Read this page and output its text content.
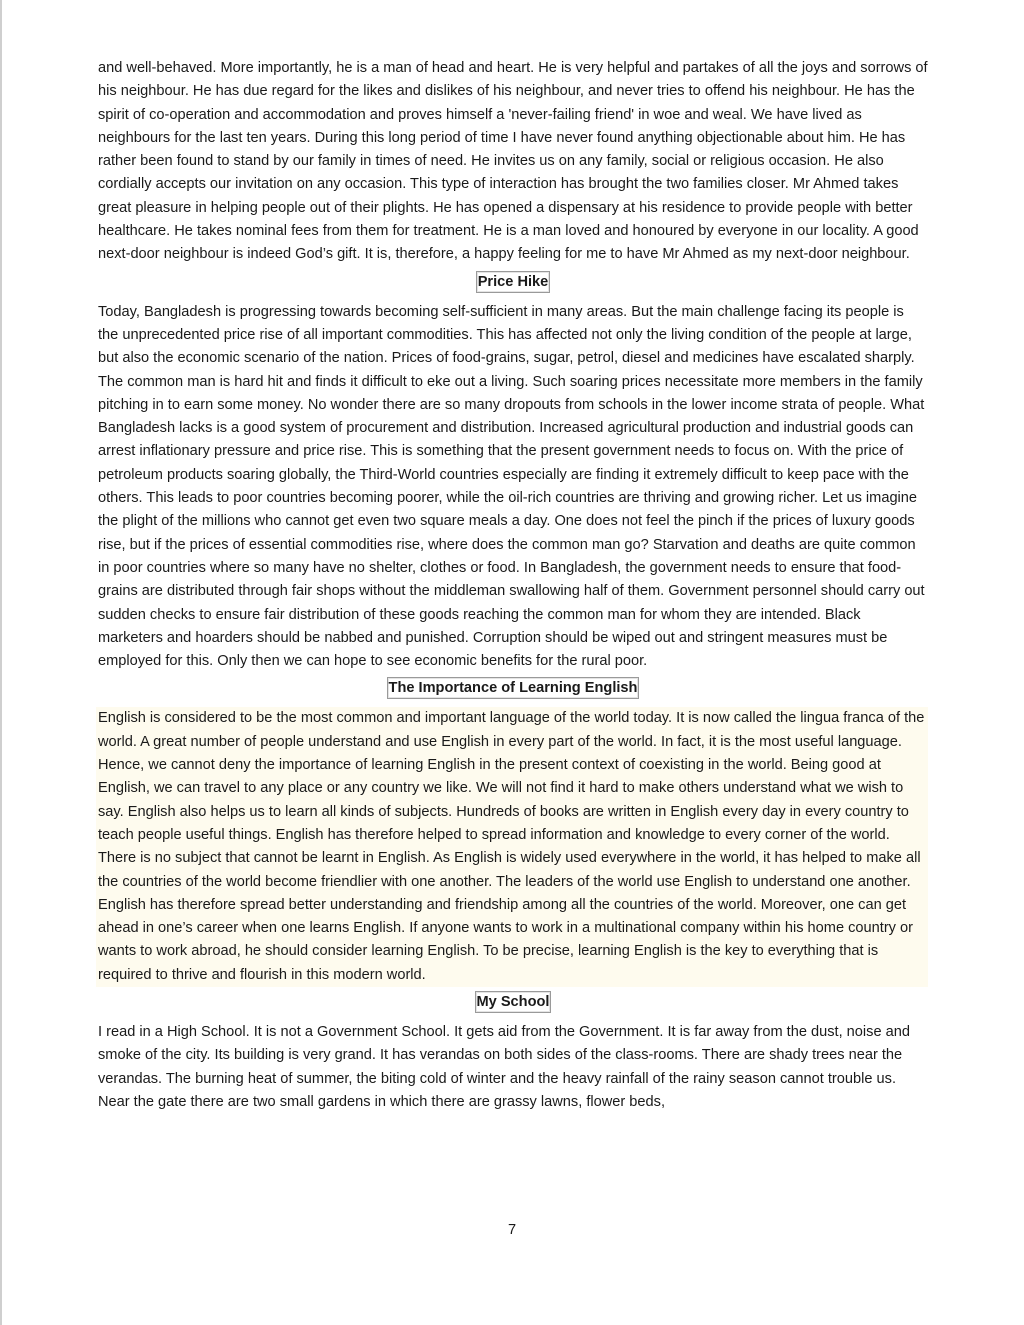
and well-behaved. More importantly, he is a man of head and heart. He is very helpful and partakes of all the joys and sorrows of his neighbour. He has due regard for the likes and dislikes of his neighbour, and never tries to offend his neighbour. He has the spirit of co-operation and accommodation and proves himself a 'never-failing friend' in woe and weal. We have lived as neighbours for the last ten years. During this long period of time I have never found anything objectionable about him. He has rather been found to stand by our family in times of need. He invites us on any family, social or religious occasion. He also cordially accepts our invitation on any occasion. This type of interaction has brought the two families closer. Mr Ahmed takes great pleasure in helping people out of their plights. He has opened a dispensary at his residence to provide people with better healthcare. He takes nominal fees from them for treatment. He is a man loved and honoured by everyone in our locality. A good next-door neighbour is indeed God’s gift. It is, therefore, a happy feeling for me to have Mr Ahmed as my next-door neighbour.

Price Hike

Today, Bangladesh is progressing towards becoming self-sufficient in many areas. But the main challenge facing its people is the unprecedented price rise of all important commodities. This has affected not only the living condition of the people at large, but also the economic scenario of the nation. Prices of food-grains, sugar, petrol, diesel and medicines have escalated sharply. The common man is hard hit and finds it difficult to eke out a living. Such soaring prices necessitate more members in the family pitching in to earn some money. No wonder there are so many dropouts from schools in the lower income strata of people. What Bangladesh lacks is a good system of procurement and distribution. Increased agricultural production and industrial goods can arrest inflationary pressure and price rise. This is something that the present government needs to focus on. With the price of petroleum products soaring globally, the Third-World countries especially are finding it extremely difficult to keep pace with the others. This leads to poor countries becoming poorer, while the oil-rich countries are thriving and growing richer. Let us imagine the plight of the millions who cannot get even two square meals a day. One does not feel the pinch if the prices of luxury goods rise, but if the prices of essential commodities rise, where does the common man go? Starvation and deaths are quite common in poor countries where so many have no shelter, clothes or food. In Bangladesh, the government needs to ensure that food-grains are distributed through fair shops without the middleman swallowing half of them. Government personnel should carry out sudden checks to ensure fair distribution of these goods reaching the common man for whom they are intended. Black marketers and hoarders should be nabbed and punished. Corruption should be wiped out and stringent measures must be employed for this. Only then we can hope to see economic benefits for the rural poor.

The Importance of Learning English

English is considered to be the most common and important language of the world today. It is now called the lingua franca of the world. A great number of people understand and use English in every part of the world. In fact, it is the most useful language. Hence, we cannot deny the importance of learning English in the present context of coexisting in the world. Being good at English, we can travel to any place or any country we like. We will not find it hard to make others understand what we wish to say. English also helps us to learn all kinds of subjects. Hundreds of books are written in English every day in every country to teach people useful things. English has therefore helped to spread information and knowledge to every corner of the world. There is no subject that cannot be learnt in English. As English is widely used everywhere in the world, it has helped to make all the countries of the world become friendlier with one another. The leaders of the world use English to understand one another. English has therefore spread better understanding and friendship among all the countries of the world. Moreover, one can get ahead in one’s career when one learns English. If anyone wants to work in a multinational company within his home country or wants to work abroad, he should consider learning English. To be precise, learning English is the key to everything that is required to thrive and flourish in this modern world.

My School

I read in a High School. It is not a Government School. It gets aid from the Government. It is far away from the dust, noise and smoke of the city. Its building is very grand. It has verandas on both sides of the class-rooms. There are shady trees near the verandas. The burning heat of summer, the biting cold of winter and the heavy rainfall of the rainy season cannot trouble us. Near the gate there are two small gardens in which there are grassy lawns, flower beds,

7
